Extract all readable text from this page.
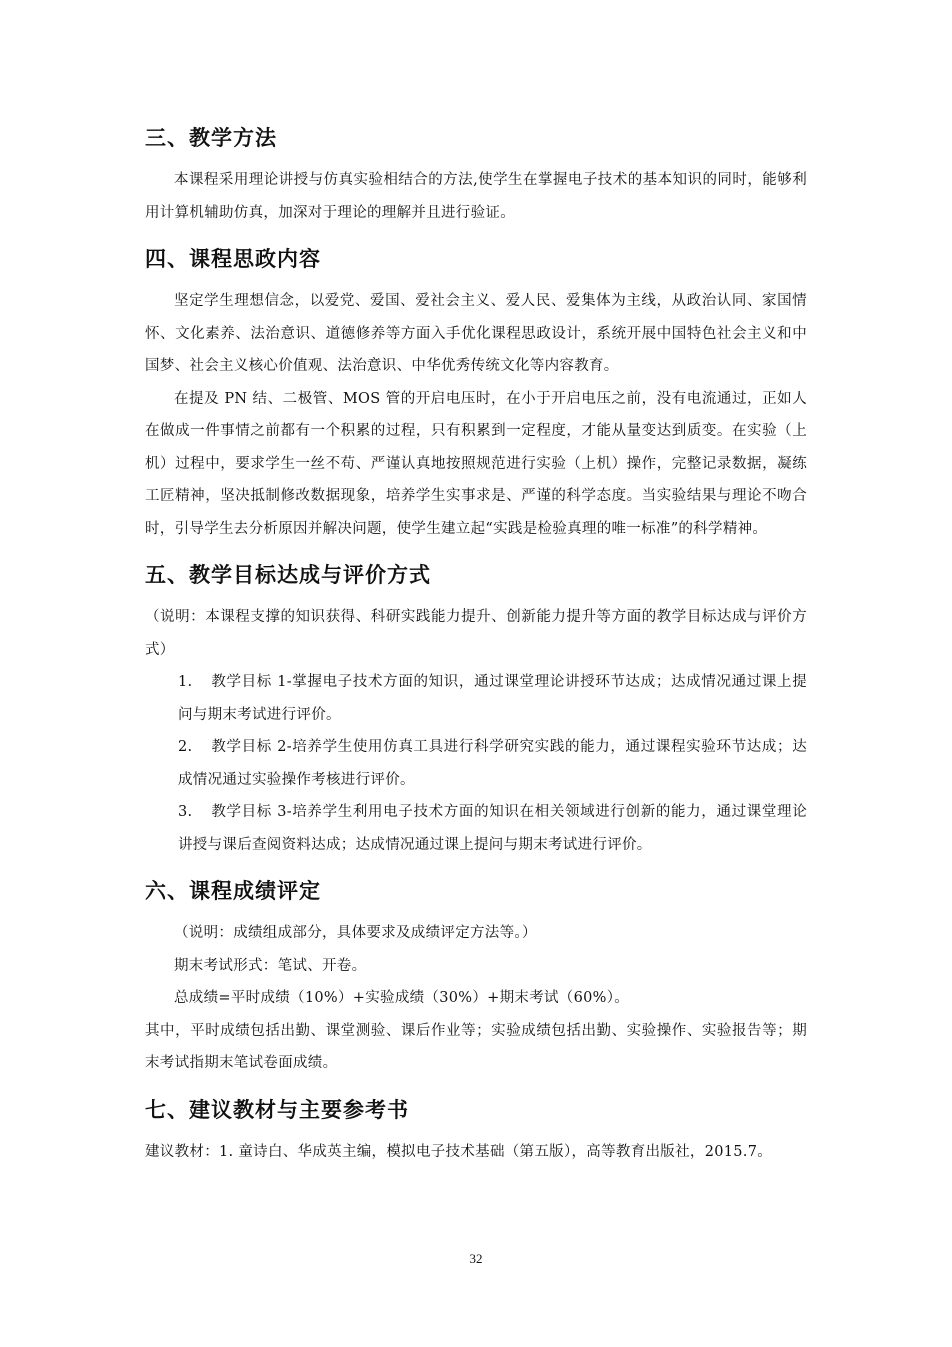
三、教学方法

本课程采用理论讲授与仿真实验相结合的方法,使学生在掌握电子技术的基本知识的同时，能够利用计算机辅助仿真，加深对于理论的理解并且进行验证。

四、课程思政内容

坚定学生理想信念，以爱党、爱国、爱社会主义、爱人民、爱集体为主线，从政治认同、家国情怀、文化素养、法治意识、道德修养等方面入手优化课程思政设计，系统开展中国特色社会主义和中国梦、社会主义核心价值观、法治意识、中华优秀传统文化等内容教育。

在提及 PN 结、二极管、MOS 管的开启电压时，在小于开启电压之前，没有电流通过，正如人在做成一件事情之前都有一个积累的过程，只有积累到一定程度，才能从量变达到质变。在实验（上机）过程中，要求学生一丝不苟、严谨认真地按照规范进行实验（上机）操作，完整记录数据，凝练工匠精神，坚决抵制修改数据现象，培养学生实事求是、严谨的科学态度。当实验结果与理论不吻合时，引导学生去分析原因并解决问题，使学生建立起“实践是检验真理的唯一标准”的科学精神。

五、教学目标达成与评价方式

（说明：本课程支撑的知识获得、科研实践能力提升、创新能力提升等方面的教学目标达成与评价方式）

1. 教学目标 1-掌握电子技术方面的知识，通过课堂理论讲授环节达成；达成情况通过课上提问与期末考试进行评价。

2. 教学目标 2-培养学生使用仿真工具进行科学研究实践的能力，通过课程实验环节达成；达成情况通过实验操作考核进行评价。

3. 教学目标 3-培养学生利用电子技术方面的知识在相关领域进行创新的能力，通过课堂理论讲授与课后查阅资料达成；达成情况通过课上提问与期末考试进行评价。

六、课程成绩评定

（说明：成绩组成部分，具体要求及成绩评定方法等。）

期末考试形式：笔试、开卷。

总成绩=平时成绩（10%）+实验成绩（30%）+期末考试（60%）。

其中，平时成绩包括出勤、课堂测验、课后作业等；实验成绩包括出勤、实验操作、实验报告等；期末考试指期末笔试卷面成绩。

七、建议教材与主要参考书

建议教材：1. 童诗白、华成英主编，模拟电子技术基础（第五版），高等教育出版社，2015.7。

32
